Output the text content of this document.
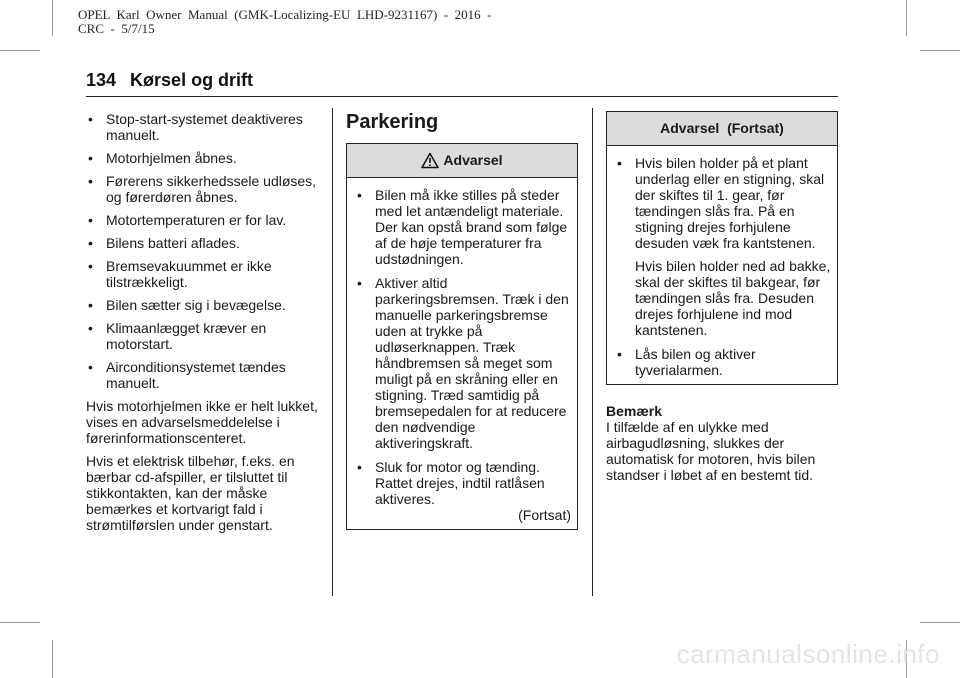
OPEL  Karl  Owner  Manual  (GMK-Localizing-EU  LHD-9231167)  -  2016  -
CRC  -  5/7/15
134 Kørsel og drift
• Stop-start-systemet deaktiveres manuelt.
• Motorhjelmen åbnes.
• Førerens sikkerhedssele udløses, og førerdøren åbnes.
• Motortemperaturen er for lav.
• Bilens batteri aflades.
• Bremsevakuummet er ikke tilstrækkeligt.
• Bilen sætter sig i bevægelse.
• Klimaanlægget kræver en motorstart.
• Airconditionsystemet tændes manuelt.

Hvis motorhjelmen ikke er helt lukket, vises en advarselsmeddelelse i førerinformationscenteret.

Hvis et elektrisk tilbehør, f.eks. en bærbar cd-afspiller, er tilsluttet til stikkontakten, kan der måske bemærkes et kortvarigt fald i strømtilførslen under genstart.

Parkering
Advarsel
• Bilen må ikke stilles på steder med let antændeligt materiale. Der kan opstå brand som følge af de høje temperaturer fra udstødningen.
• Aktiver altid parkeringsbremsen. Træk i den manuelle parkeringsbremse uden at trykke på udløserknappen. Træk håndbremsen så meget som muligt på en skråning eller en stigning. Træd samtidig på bremsepedalen for at reducere den nødvendige aktiveringskraft.
• Sluk for motor og tænding. Rattet drejes, indtil ratlåsen aktiveres.
(Fortsat)
Advarsel  (Fortsat)
• Hvis bilen holder på et plant underlag eller en stigning, skal der skiftes til 1. gear, før tændingen slås fra. På en stigning drejes forhjulene desuden væk fra kantstenen.
Hvis bilen holder ned ad bakke, skal der skiftes til bakgear, før tændingen slås fra. Desuden drejes forhjulene ind mod kantstenen.
• Lås bilen og aktiver tyverialarmen.
Bemærk
I tilfælde af en ulykke med airbagudløsning, slukkes der automatisk for motoren, hvis bilen standser i løbet af en bestemt tid.
carmanualsonline.info
